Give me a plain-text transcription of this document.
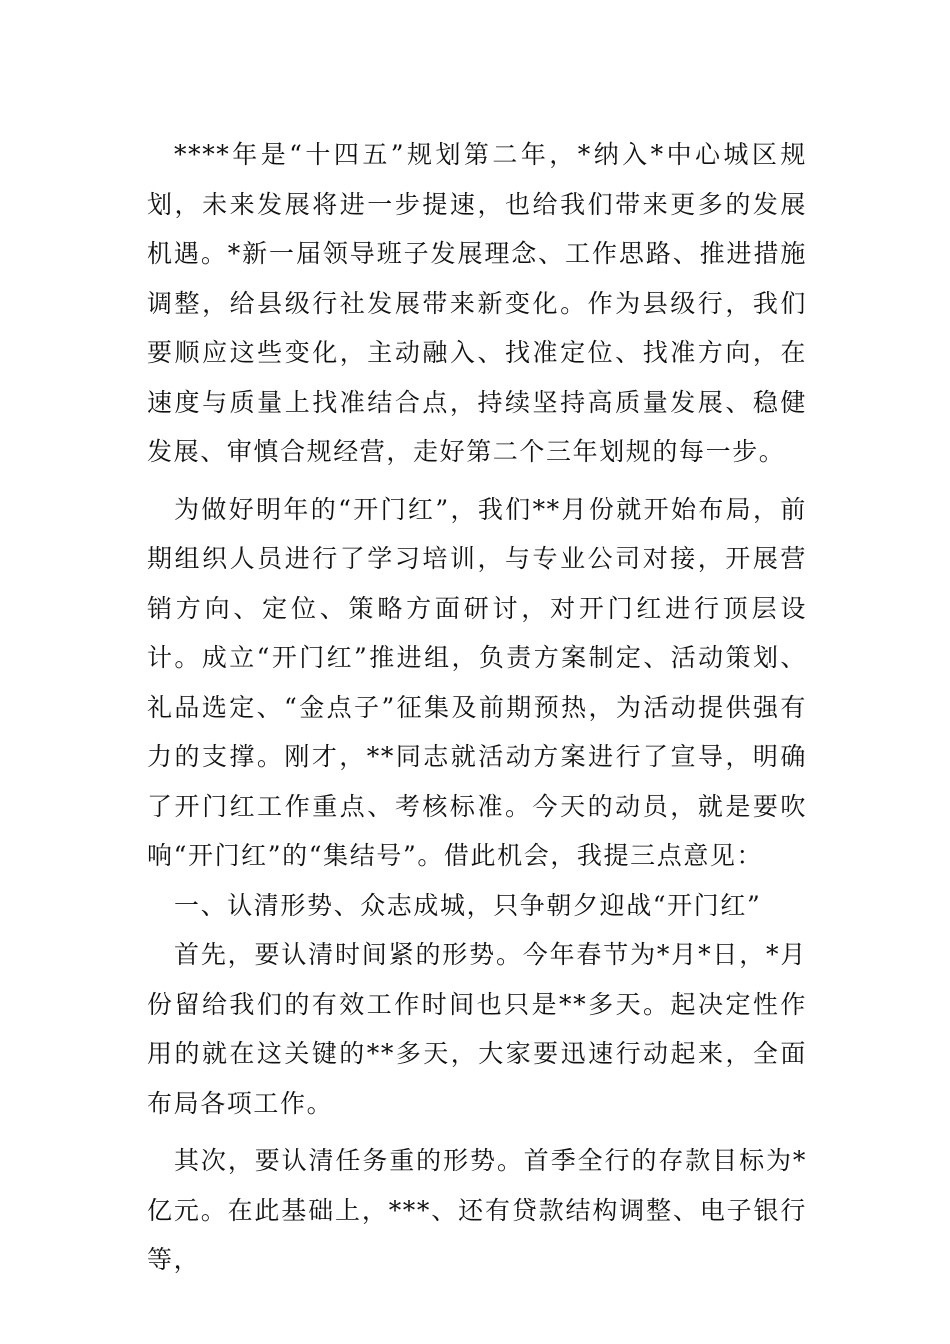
****年是“十四五”规划第二年，*纳入*中心城区规划，未来发展将进一步提速，也给我们带来更多的发展机遇。*新一届领导班子发展理念、工作思路、推进措施调整，给县级行社发展带来新变化。作为县级行，我们要顺应这些变化，主动融入、找准定位、找准方向，在速度与质量上找准结合点，持续坚持高质量发展、稳健发展、审慎合规经营，走好第二个三年划规的每一步。

为做好明年的“开门红”，我们**月份就开始布局，前期组织人员进行了学习培训，与专业公司对接，开展营销方向、定位、策略方面研讨，对开门红进行顶层设计。成立“开门红”推进组，负责方案制定、活动策划、礼品选定、“金点子”征集及前期预热，为活动提供强有力的支撑。刚才，**同志就活动方案进行了宣导，明确了开门红工作重点、考核标准。今天的动员，就是要吹响“开门红”的“集结号”。借此机会，我提三点意见：

一、认清形势、众志成城，只争朝夕迎战“开门红”

首先，要认清时间紧的形势。今年春节为*月*日，*月份留给我们的有效工作时间也只是**多天。起决定性作用的就在这关键的**多天，大家要迅速行动起来，全面布局各项工作。

其次，要认清任务重的形势。首季全行的存款目标为*亿元。在此基础上，***、还有贷款结构调整、电子银行等，
